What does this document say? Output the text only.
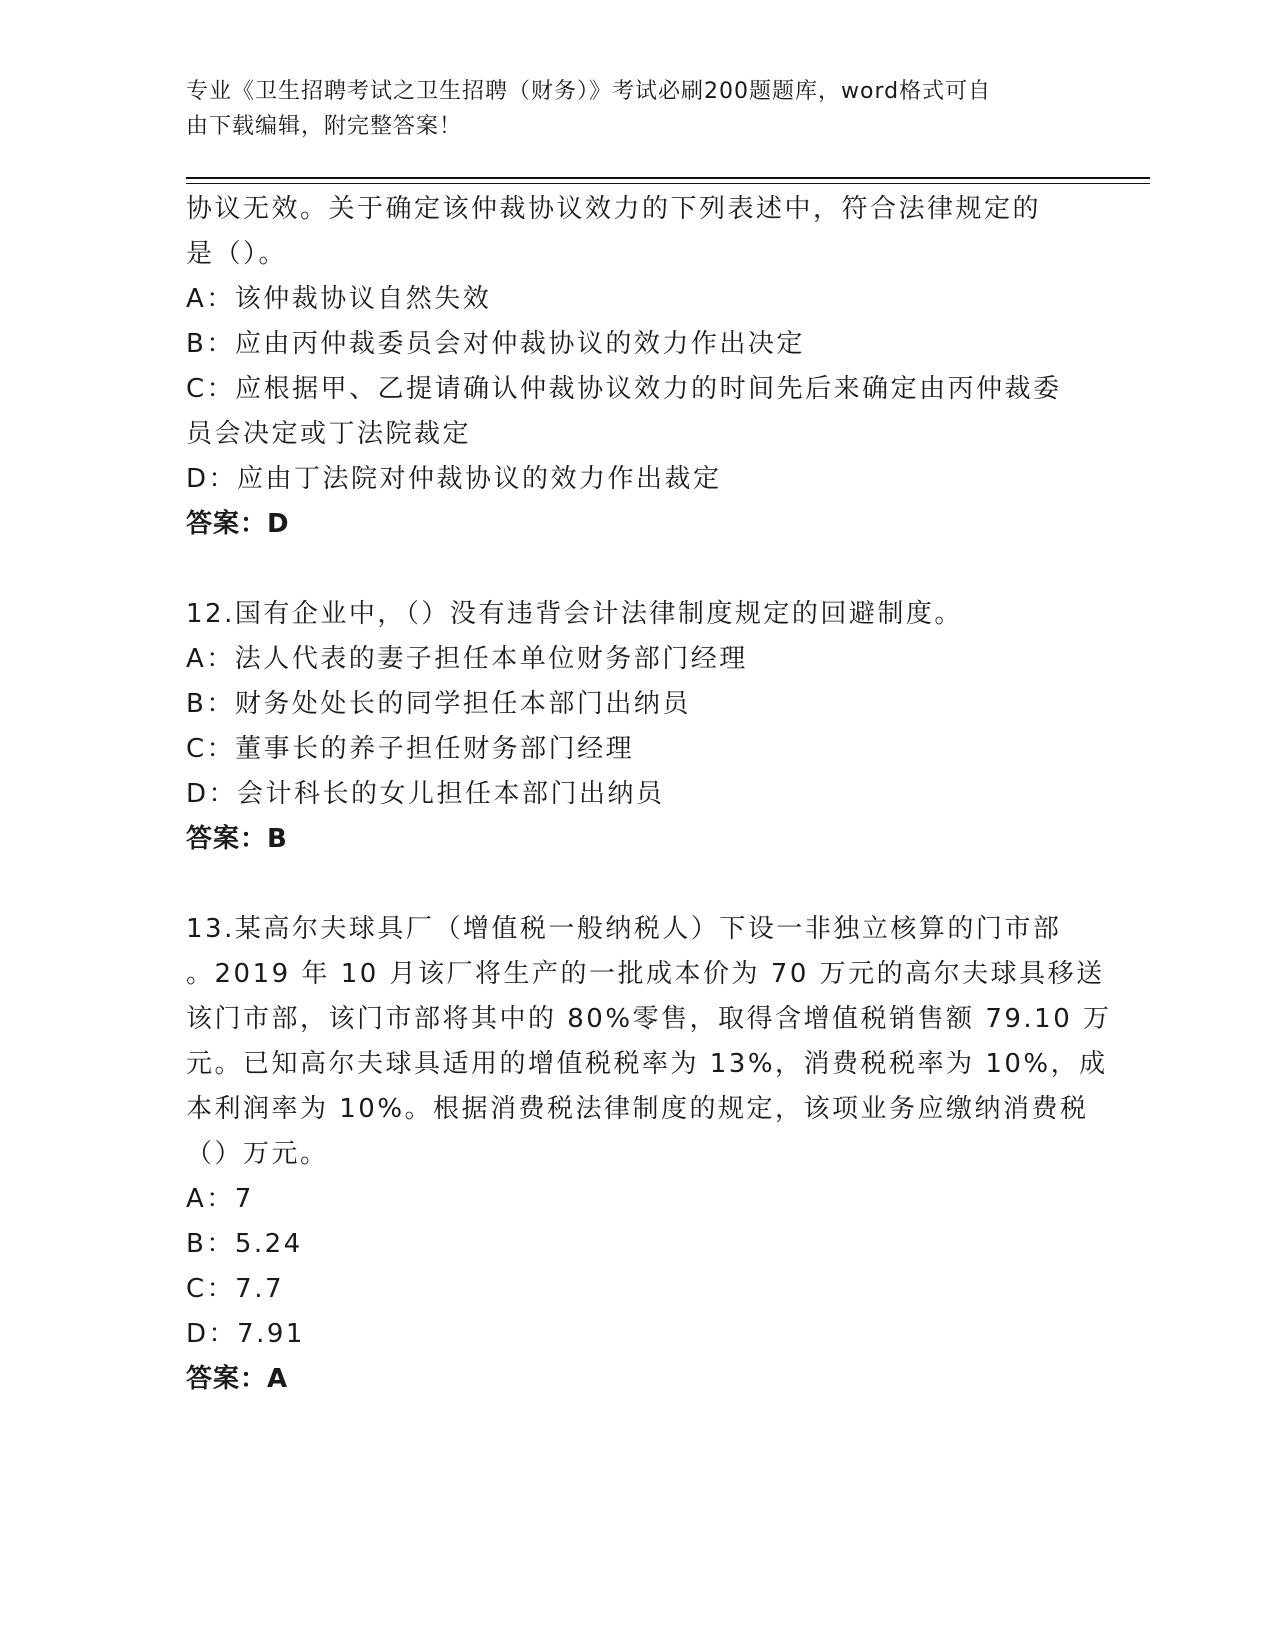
专业《卫生招聘考试之卫生招聘（财务）》考试必刷200题题库，word格式可自
由下载编辑，附完整答案！
协议无效。关于确定该仲裁协议效力的下列表述中，符合法律规定的
是（）。
A：该仲裁协议自然失效
B：应由丙仲裁委员会对仲裁协议的效力作出决定
C：应根据甲、乙提请确认仲裁协议效力的时间先后来确定由丙仲裁委
员会决定或丁法院裁定
D：应由丁法院对仲裁协议的效力作出裁定
答案：D
12.国有企业中，（）没有违背会计法律制度规定的回避制度。
A：法人代表的妻子担任本单位财务部门经理
B：财务处处长的同学担任本部门出纳员
C：董事长的养子担任财务部门经理
D：会计科长的女儿担任本部门出纳员
答案：B
13.某高尔夫球具厂（增值税一般纳税人）下设一非独立核算的门市部
。2019 年 10 月该厂将生产的一批成本价为 70 万元的高尔夫球具移送
该门市部，该门市部将其中的 80%零售，取得含增值税销售额 79.10 万
元。已知高尔夫球具适用的增值税税率为 13%，消费税税率为 10%，成
本利润率为 10%。根据消费税法律制度的规定，该项业务应缴纳消费税
（）万元。
A：7
B：5.24
C：7.7
D：7.91
答案：A
